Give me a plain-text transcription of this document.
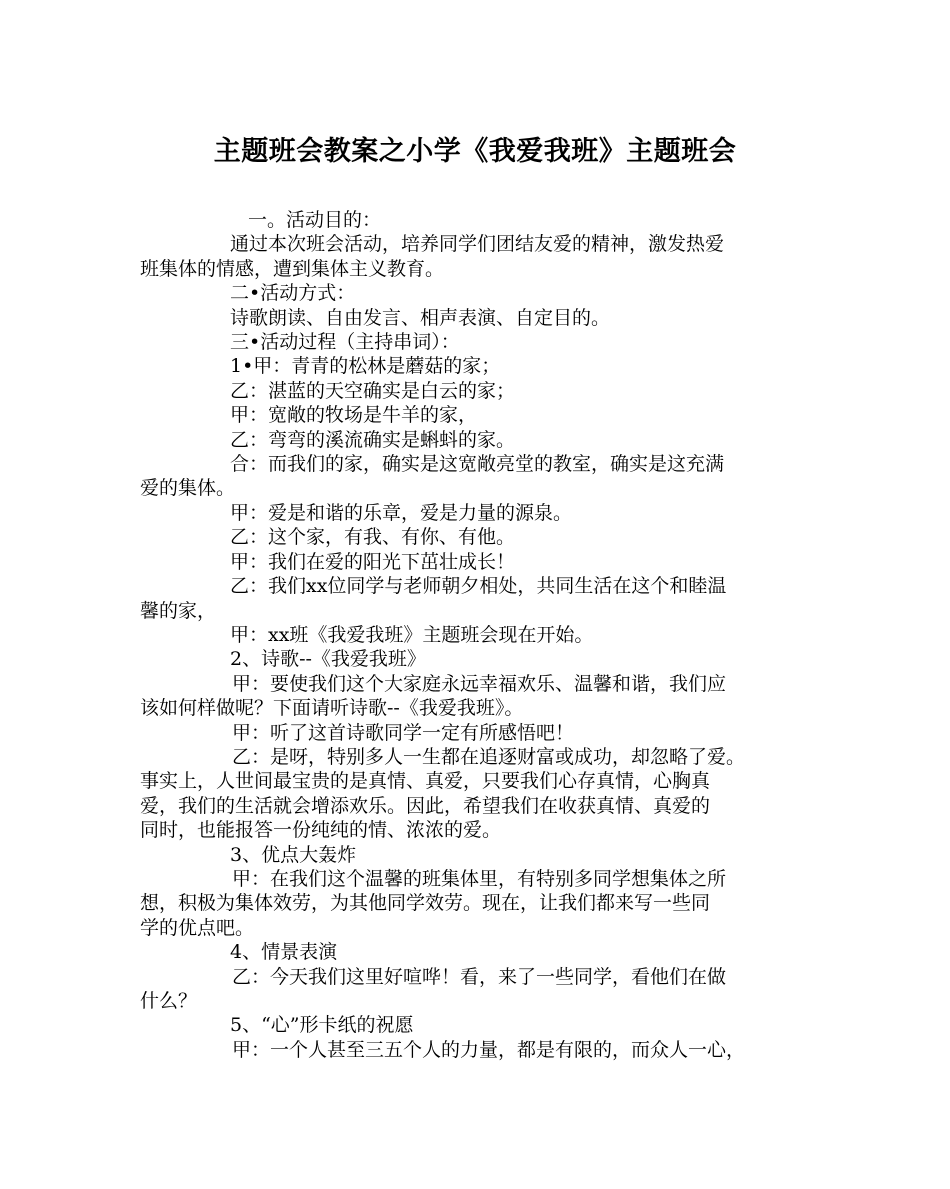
主题班会教案之小学《我爱我班》主题班会

一。活动目的：

通过本次班会活动，培养同学们团结友爱的精神，激发热爱

班集体的情感，遭到集体主义教育。

二•活动方式：

诗歌朗读、自由发言、相声表演、自定目的。

三•活动过程（主持串词）：

1•甲：青青的松林是蘑菇的家；

乙：湛蓝的天空确实是白云的家；

甲：宽敞的牧场是牛羊的家，

乙：弯弯的溪流确实是蝌蚪的家。

合：而我们的家，确实是这宽敞亮堂的教室，确实是这充满

爱的集体。

甲：爱是和谐的乐章，爱是力量的源泉。

乙：这个家，有我、有你、有他。

甲：我们在爱的阳光下茁壮成长！

乙：我们xx位同学与老师朝夕相处，共同生活在这个和睦温

馨的家，

甲：xx班《我爱我班》主题班会现在开始。

2、诗歌--《我爱我班》

甲：要使我们这个大家庭永远幸福欢乐、温馨和谐，我们应

该如何样做呢？下面请听诗歌--《我爱我班》。

甲：听了这首诗歌同学一定有所感悟吧！

乙：是呀，特别多人一生都在追逐财富或成功，却忽略了爱。

事实上，人世间最宝贵的是真情、真爱，只要我们心存真情，心胸真

爱，我们的生活就会增添欢乐。因此，希望我们在收获真情、真爱的

同时，也能报答一份纯纯的情、浓浓的爱。

3、优点大轰炸

甲：在我们这个温馨的班集体里，有特别多同学想集体之所

想，积极为集体效劳，为其他同学效劳。现在，让我们都来写一些同

学的优点吧。

4、情景表演

乙：今天我们这里好喧哗！看，来了一些同学，看他们在做

什么？

5、“心”形卡纸的祝愿

甲：一个人甚至三五个人的力量，都是有限的，而众人一心，
